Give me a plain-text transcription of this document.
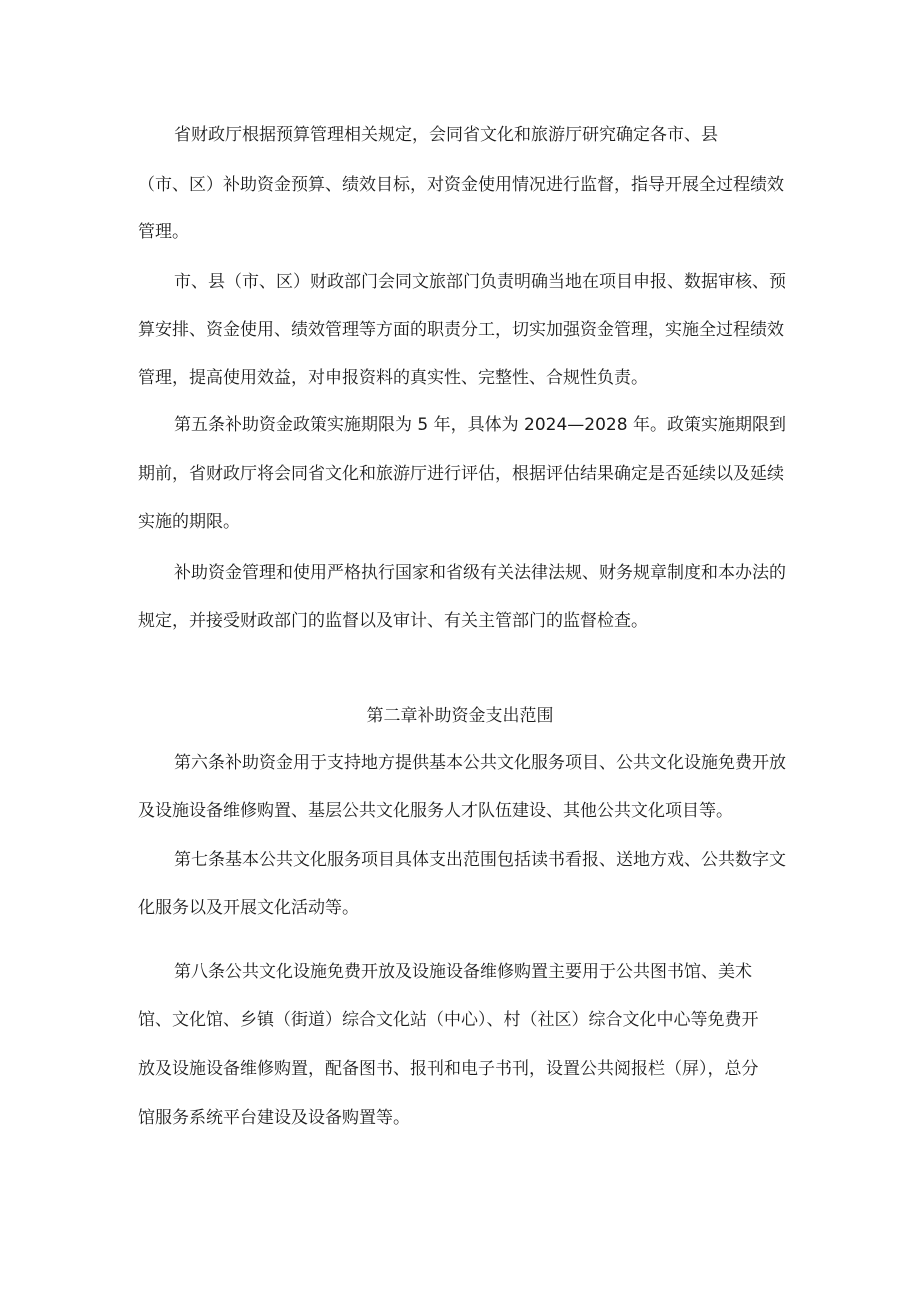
省财政厅根据预算管理相关规定，会同省文化和旅游厅研究确定各市、县
（市、区）补助资金预算、绩效目标，对资金使用情况进行监督，指导开展全过程绩效
管理。
市、县（市、区）财政部门会同文旅部门负责明确当地在项目申报、数据审核、预
算安排、资金使用、绩效管理等方面的职责分工，切实加强资金管理，实施全过程绩效
管理，提高使用效益，对申报资料的真实性、完整性、合规性负责。
第五条补助资金政策实施期限为 5 年，具体为 2024—2028 年。政策实施期限到
期前，省财政厅将会同省文化和旅游厅进行评估，根据评估结果确定是否延续以及延续
实施的期限。
补助资金管理和使用严格执行国家和省级有关法律法规、财务规章制度和本办法的
规定，并接受财政部门的监督以及审计、有关主管部门的监督检查。
第二章补助资金支出范围
第六条补助资金用于支持地方提供基本公共文化服务项目、公共文化设施免费开放
及设施设备维修购置、基层公共文化服务人才队伍建设、其他公共文化项目等。
第七条基本公共文化服务项目具体支出范围包括读书看报、送地方戏、公共数字文
化服务以及开展文化活动等。
第八条公共文化设施免费开放及设施设备维修购置主要用于公共图书馆、美术
馆、文化馆、乡镇（街道）综合文化站（中心）、村（社区）综合文化中心等免费开
放及设施设备维修购置，配备图书、报刊和电子书刊，设置公共阅报栏（屏），总分
馆服务系统平台建设及设备购置等。
